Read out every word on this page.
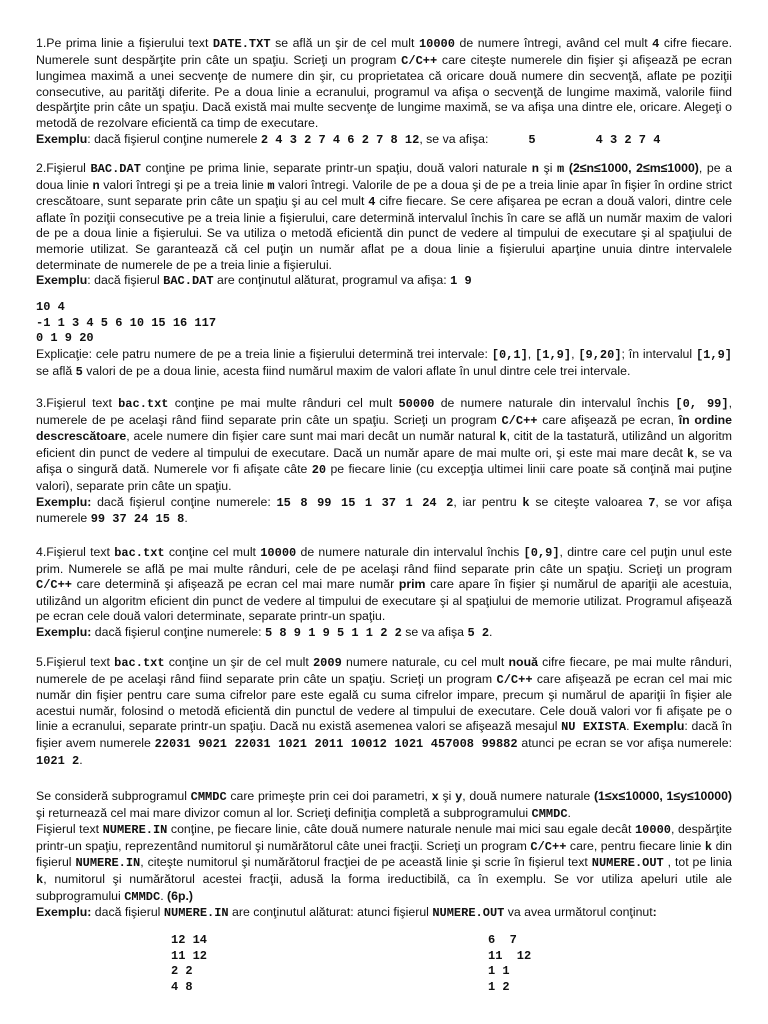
1.Pe prima linie a fişierului text DATE.TXT se află un şir de cel mult 10000 de numere întregi, având cel mult 4 cifre fiecare. Numerele sunt despărţite prin câte un spaţiu. Scrieţi un program C/C++ care citeşte numerele din fişier şi afişează pe ecran lungimea maximă a unei secvenţe de numere din şir, cu proprietatea că oricare două numere din secvenţă, aflate pe poziţii consecutive, au parităţi diferite. Pe a doua linie a ecranului, programul va afişa o secvenţă de lungime maximă, valorile fiind despărţite prin câte un spaţiu. Dacă există mai multe secvenţe de lungime maximă, se va afişa una dintre ele, oricare. Alegeţi o metodă de rezolvare eficientă ca timp de executare.
Exemplu: dacă fişierul conţine numerele 2 4 3 2 7 4 6 2 7 8 12, se va afişa:	5	4 3 2 7 4

2.Fişierul BAC.DAT conţine pe prima linie, separate printr-un spaţiu, două valori naturale n şi m (2≤n≤1000, 2≤m≤1000), pe a doua linie n valori întregi şi pe a treia linie m valori întregi. Valorile de pe a doua şi de pe a treia linie apar în fişier în ordine strict crescătoare, sunt separate prin câte un spaţiu şi au cel mult 4 cifre fiecare. Se cere afişarea pe ecran a două valori, dintre cele aflate în poziţii consecutive pe a treia linie a fişierului, care determină intervalul închis în care se află un număr maxim de valori de pe a doua linie a fişierului. Se va utiliza o metodă eficientă din punct de vedere al timpului de executare şi al spaţiului de memorie utilizat. Se garantează că cel puţin un număr aflat pe a doua linie a fişierului aparţine unuia dintre intervalele determinate de numerele de pe a treia linie a fişierului.
Exemplu: dacă fişierul BAC.DAT are conţinutul alăturat, programul va afişa: 1 9

10 4
-1 1 3 4 5 6 10 15 16 117
0 1 9 20

Explicaţie: cele patru numere de pe a treia linie a fişierului determină trei intervale: [0,1], [1,9], [9,20]; în intervalul [1,9] se află 5 valori de pe a doua linie, acesta fiind numărul maxim de valori aflate în unul dintre cele trei intervale.

3.Fişierul text bac.txt conţine pe mai multe rânduri cel mult 50000 de numere naturale din intervalul închis [0, 99], numerele de pe acelaşi rând fiind separate prin câte un spaţiu. Scrieţi un program C/C++ care afişează pe ecran, în ordine descrescătoare, acele numere din fişier care sunt mai mari decât un număr natural k, citit de la tastatură, utilizând un algoritm eficient din punct de vedere al timpului de executare. Dacă un număr apare de mai multe ori, şi este mai mare decât k, se va afişa o singură dată. Numerele vor fi afişate câte 20 pe fiecare linie (cu excepţia ultimei linii care poate să conţină mai puţine valori), separate prin câte un spaţiu.
Exemplu: dacă fişierul conţine numerele: 15 8 99 15 1 37 1 24 2, iar pentru k se citeşte valoarea 7, se vor afişa numerele 99 37 24 15 8.

4.Fişierul text bac.txt conţine cel mult 10000 de numere naturale din intervalul închis [0,9], dintre care cel puţin unul este prim. Numerele se află pe mai multe rânduri, cele de pe acelaşi rând fiind separate prin câte un spaţiu. Scrieţi un program C/C++ care determină şi afişează pe ecran cel mai mare număr prim care apare în fişier şi numărul de apariţii ale acestuia, utilizând un algoritm eficient din punct de vedere al timpului de executare şi al spaţiului de memorie utilizat. Programul afişează pe ecran cele două valori determinate, separate printr-un spaţiu.
Exemplu: dacă fişierul conţine numerele: 5 8 9 1 9 5 1 1 2 2 se va afişa 5 2.

5.Fişierul text bac.txt conţine un şir de cel mult 2009 numere naturale, cu cel mult nouă cifre fiecare, pe mai multe rânduri, numerele de pe acelaşi rând fiind separate prin câte un spaţiu. Scrieţi un program C/C++ care afişează pe ecran cel mai mic număr din fişier pentru care suma cifrelor pare este egală cu suma cifrelor impare, precum şi numărul de apariţii în fişier ale acestui număr, folosind o metodă eficientă din punctul de vedere al timpului de executare. Cele două valori vor fi afişate pe o linie a ecranului, separate printr-un spaţiu. Dacă nu există asemenea valori se afişează mesajul NU EXISTA. Exemplu: dacă în fişier avem numerele 22031 9021 22031 1021 2011 10012 1021 457008 99882 atunci pe ecran se vor afişa numerele: 1021 2.

Se consideră subprogramul CMMDC care primeşte prin cei doi parametri, x şi y, două numere naturale (1≤x≤10000, 1≤y≤10000) şi returnează cel mai mare divizor comun al lor. Scrieţi definiţia completă a subprogramului CMMDC.
Fişierul text NUMERE.IN conţine, pe fiecare linie, câte două numere naturale nenule mai mici sau egale decât 10000, despărţite printr-un spaţiu, reprezentând numitorul şi numărătorul câte unei fracţii. Scrieţi un program C/C++ care, pentru fiecare linie k din fişierul NUMERE.IN, citeşte numitorul şi numărătorul fracţiei de pe această linie şi scrie în fişierul text NUMERE.OUT , tot pe linia k, numitorul şi numărătorul acestei fracţii, adusă la forma ireductibilă, ca în exemplu. Se vor utiliza apeluri utile ale subprogramului CMMDC. (6p.)
Exemplu: dacă fişierul NUMERE.IN are conţinutul alăturat: atunci fişierul NUMERE.OUT va avea următorul conţinut:

12 14
11 12
2 2
4 8
6  7
11  12
1 1
1 2
